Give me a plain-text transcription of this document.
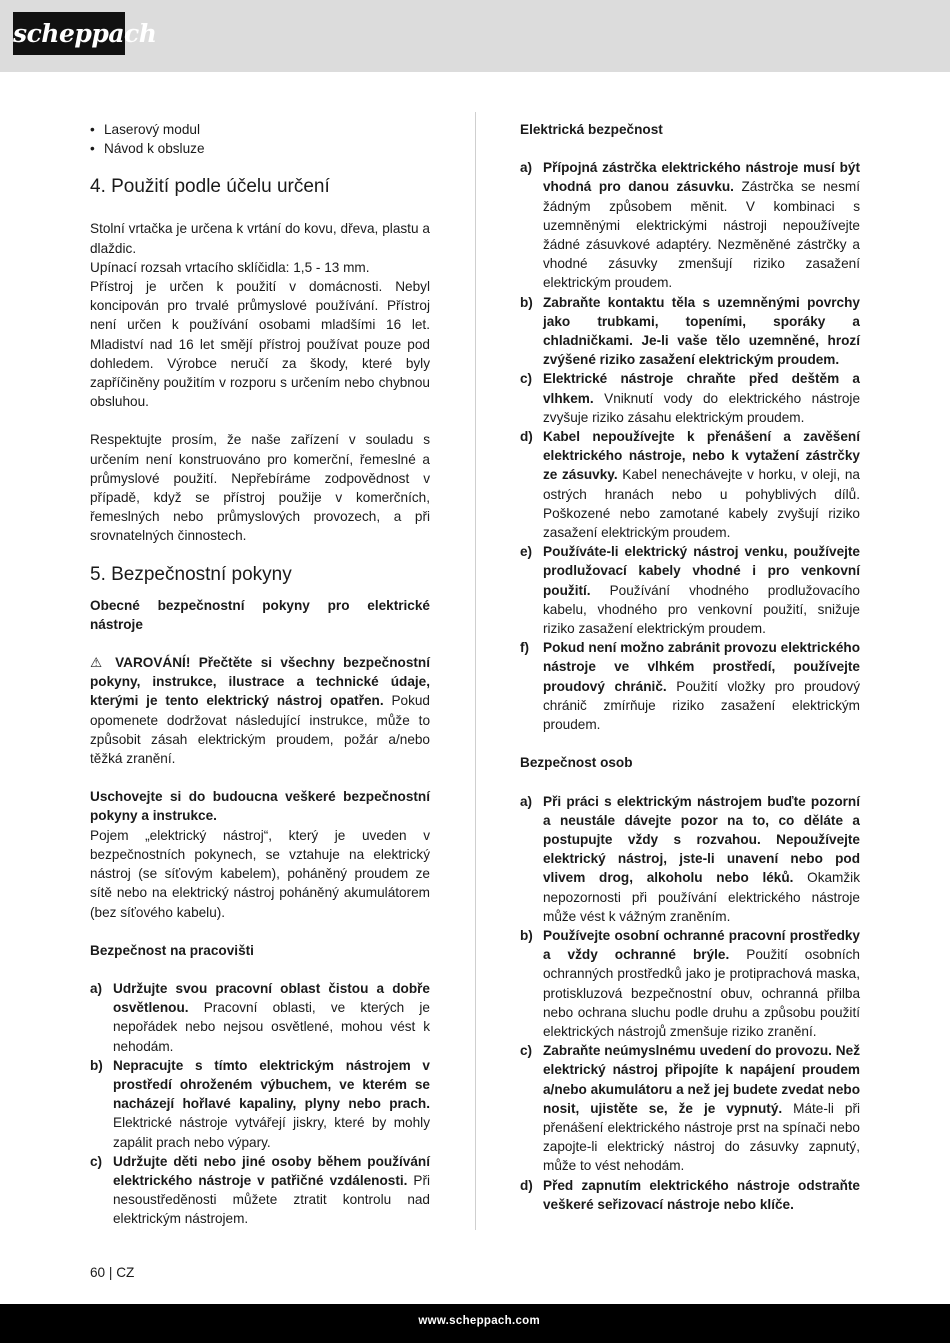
scheppach
• Laserový modul
• Návod k obsluze
4. Použití podle účelu určení

Stolní vrtačka je určena k vrtání do kovu, dřeva, plastu a dlaždic.

Upínací rozsah vrtacího sklíčidla: 1,5 - 13 mm.

Přístroj je určen k použití v domácnosti. Nebyl koncipován pro trvalé průmyslové používání. Přístroj není určen k používání osobami mladšími 16 let. Mladiství nad 16 let smějí přístroj používat pouze pod dohledem. Výrobce neručí za škody, které byly zapříčiněny použitím v rozporu s určením nebo chybnou obsluhou.

Respektujte prosím, že naše zařízení v souladu s určením není konstruováno pro komerční, řemeslné a průmyslové použití. Nepřebíráme zodpovědnost v případě, když se přístroj použije v komerčních, řemeslných nebo průmyslových provozech, a při srovnatelných činnostech.

5. Bezpečnostní pokyny

Obecné bezpečnostní pokyny pro elektrické nástroje

⚠ VAROVÁNÍ! Přečtěte si všechny bezpečnostní pokyny, instrukce, ilustrace a technické údaje, kterými je tento elektrický nástroj opatřen. Pokud opomenete dodržovat následující instrukce, může to způsobit zásah elektrickým proudem, požár a/nebo těžká zranění.

Uschovejte si do budoucna veškeré bezpečnostní pokyny a instrukce.

Pojem „elektrický nástroj“, který je uveden v bezpečnostních pokynech, se vztahuje na elektrický nástroj (se síťovým kabelem), poháněný proudem ze sítě nebo na elektrický nástroj poháněný akumulátorem (bez síťového kabelu).

Bezpečnost na pracovišti

a) Udržujte svou pracovní oblast čistou a dobře osvětlenou. Pracovní oblasti, ve kterých je nepořádek nebo nejsou osvětlené, mohou vést k nehodám.
b) Nepracujte s tímto elektrickým nástrojem v prostředí ohroženém výbuchem, ve kterém se nacházejí hořlavé kapaliny, plyny nebo prach. Elektrické nástroje vytvářejí jiskry, které by mohly zapálit prach nebo výpary.
c) Udržujte děti nebo jiné osoby během používání elektrického nástroje v patřičné vzdálenosti. Při nesoustředěnosti můžete ztratit kontrolu nad elektrickým nástrojem.

Elektrická bezpečnost

a) Přípojná zástrčka elektrického nástroje musí být vhodná pro danou zásuvku. Zástrčka se nesmí žádným způsobem měnit. V kombinaci s uzemněnými elektrickými nástroji nepoužívejte žádné zásuvkové adaptéry. Nezměněné zástrčky a vhodné zásuvky zmenšují riziko zasažení elektrickým proudem.
b) Zabraňte kontaktu těla s uzemněnými povrchy jako trubkami, topeními, sporáky a chladničkami. Je-li vaše tělo uzemněné, hrozí zvýšené riziko zasažení elektrickým proudem.
c) Elektrické nástroje chraňte před deštěm a vlhkem. Vniknutí vody do elektrického nástroje zvyšuje riziko zásahu elektrickým proudem.
d) Kabel nepoužívejte k přenášení a zavěšení elektrického nástroje, nebo k vytažení zástrčky ze zásuvky. Kabel nenechávejte v horku, v oleji, na ostrých hranách nebo u pohyblivých dílů. Poškozené nebo zamotané kabely zvyšují riziko zasažení elektrickým proudem.
e) Používáte-li elektrický nástroj venku, používejte prodlužovací kabely vhodné i pro venkovní použití. Používání vhodného prodlužovacího kabelu, vhodného pro venkovní použití, snižuje riziko zasažení elektrickým proudem.
f) Pokud není možno zabránit provozu elektrického nástroje ve vlhkém prostředí, používejte proudový chránič. Použití vložky pro proudový chránič zmírňuje riziko zasažení elektrickým proudem.

Bezpečnost osob

a) Při práci s elektrickým nástrojem buďte pozorní a neustále dávejte pozor na to, co děláte a postupujte vždy s rozvahou. Nepoužívejte elektrický nástroj, jste-li unavení nebo pod vlivem drog, alkoholu nebo léků. Okamžik nepozornosti při používání elektrického nástroje může vést k vážným zraněním.
b) Používejte osobní ochranné pracovní prostředky a vždy ochranné brýle. Použití osobních ochranných prostředků jako je protiprachová maska, protiskluzová bezpečnostní obuv, ochranná přilba nebo ochrana sluchu podle druhu a způsobu použití elektrických nástrojů zmenšuje riziko zranění.
c) Zabraňte neúmyslnému uvedení do provozu. Než elektrický nástroj připojíte k napájení proudem a/nebo akumulátoru a než jej budete zvedat nebo nosit, ujistěte se, že je vypnutý. Máte-li při přenášení elektrického nástroje prst na spínači nebo zapojte-li elektrický nástroj do zásuvky zapnutý, může to vést nehodám.
d) Před zapnutím elektrického nástroje odstraňte veškeré seřizovací nástroje nebo klíče.
60 | CZ
www.scheppach.com
